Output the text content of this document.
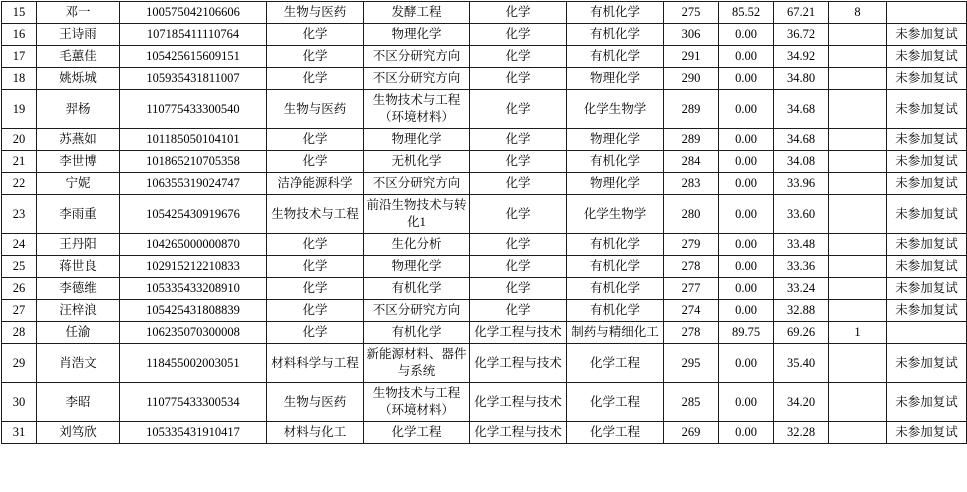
15	邓一	100575042106606	生物与医药	发酵工程	化学	有机化学	275	85.52	67.21	8	
16	王诗雨	107185411110764	化学	物理化学	化学	有机化学	306	0.00	36.72		未参加复试
17	毛蕙佳	105425615609151	化学	不区分研究方向	化学	有机化学	291	0.00	34.92		未参加复试
18	姚烁城	105935431811007	化学	不区分研究方向	化学	物理化学	290	0.00	34.80		未参加复试
19	羿杨	110775433300540	生物与医药	生物技术与工程（环境材料）	化学	化学生物学	289	0.00	34.68		未参加复试
20	苏燕如	101185050104101	化学	物理化学	化学	物理化学	289	0.00	34.68		未参加复试
21	李世博	101865210705358	化学	无机化学	化学	有机化学	284	0.00	34.08		未参加复试
22	宁妮	106355319024747	洁净能源科学	不区分研究方向	化学	物理化学	283	0.00	33.96		未参加复试
23	李雨重	105425430919676	生物技术与工程	前沿生物技术与转化1	化学	化学生物学	280	0.00	33.60		未参加复试
24	王丹阳	104265000000870	化学	生化分析	化学	有机化学	279	0.00	33.48		未参加复试
25	蒋世良	102915212210833	化学	物理化学	化学	有机化学	278	0.00	33.36		未参加复试
26	李德维	105335433208910	化学	有机化学	化学	有机化学	277	0.00	33.24		未参加复试
27	汪梓浪	105425431808839	化学	不区分研究方向	化学	有机化学	274	0.00	32.88		未参加复试
28	任渝	106235070300008	化学	有机化学	化学工程与技术	制药与精细化工	278	89.75	69.26	1	
29	肖浩文	118455002003051	材料科学与工程	新能源材料、器件与系统	化学工程与技术	化学工程	295	0.00	35.40		未参加复试
30	李昭	110775433300534	生物与医药	生物技术与工程（环境材料）	化学工程与技术	化学工程	285	0.00	34.20		未参加复试
31	刘笃欣	105335431910417	材料与化工	化学工程	化学工程与技术	化学工程	269	0.00	32.28		未参加复试
